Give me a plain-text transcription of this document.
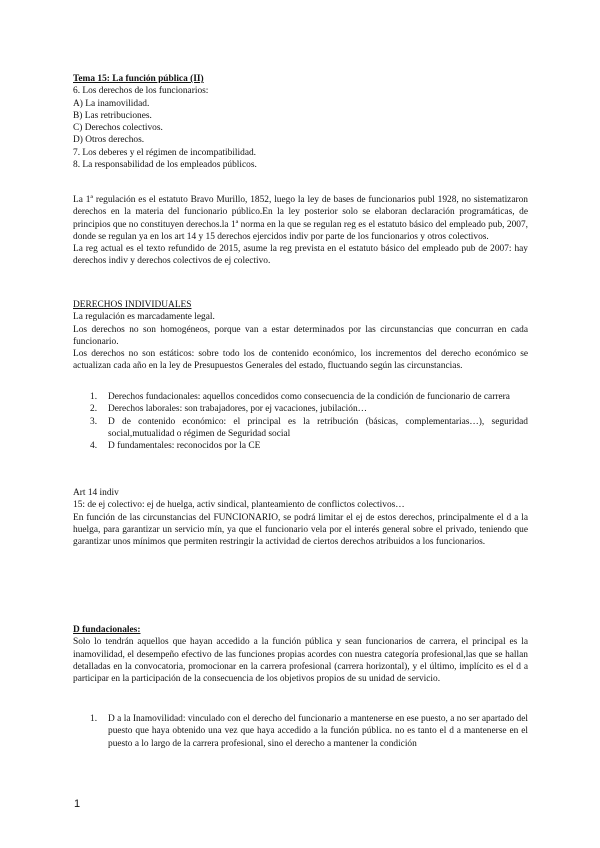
Tema 15: La función pública (II)
6. Los derechos de los funcionarios:
A) La inamovilidad.
B) Las retribuciones.
C) Derechos colectivos.
D) Otros derechos.
7. Los deberes y el régimen de incompatibilidad.
8. La responsabilidad de los empleados públicos.
La 1ª regulación es el estatuto Bravo Murillo, 1852, luego la ley de bases de funcionarios publ 1928, no sistematizaron derechos en la materia del funcionario público.En la ley posterior solo se elaboran declaración programáticas, de principios que no constituyen derechos.la 1ª norma en la que se regulan reg es el estatuto básico del empleado pub, 2007, donde se regulan ya en los art 14 y 15 derechos ejercidos indiv por parte de los funcionarios y otros colectivos.
La reg actual es el texto refundido de 2015, asume la reg prevista en el estatuto básico del empleado pub de 2007: hay derechos indiv y derechos colectivos de ej colectivo.
DERECHOS INDIVIDUALES
La regulación es marcadamente legal.
Los derechos no son homogéneos, porque van a estar determinados por las circunstancias que concurran en cada funcionario.
Los derechos no son estáticos: sobre todo los de contenido económico, los incrementos del derecho económico se actualizan cada año en la ley de Presupuestos Generales del estado, fluctuando según las circunstancias.
1. Derechos fundacionales: aquellos concedidos como consecuencia de la condición de funcionario de carrera
2. Derechos laborales: son trabajadores, por ej vacaciones, jubilación…
3. D de contenido económico: el principal es la retribución (básicas, complementarias…), seguridad social,mutualidad o régimen de Seguridad social
4. D fundamentales: reconocidos por la CE
Art 14 indiv
15: de ej colectivo: ej de huelga, activ sindical, planteamiento de conflictos colectivos…
En función de las circunstancias del FUNCIONARIO, se podrá limitar el ej de estos derechos, principalmente el d a la huelga, para garantizar un servicio mín, ya que el funcionario vela por el interés general sobre el privado, teniendo que garantizar unos mínimos que permiten restringir la actividad de ciertos derechos atribuidos a los funcionarios.
D fundacionales:
Solo lo tendrán aquellos que hayan accedido a la función pública y sean funcionarios de carrera, el principal es la inamovilidad, el desempeño efectivo de las funciones propias acordes con nuestra categoría profesional,las que se hallan detalladas en la convocatoria, promocionar en la carrera profesional (carrera horizontal), y el último, implícito es el d a participar en la participación de la consecuencia de los objetivos propios de su unidad de servicio.
1. D a la Inamovilidad: vinculado con el derecho del funcionario a mantenerse en ese puesto, a no ser apartado del puesto que haya obtenido una vez que haya accedido a la función pública. no es tanto el d a mantenerse en el puesto a lo largo de la carrera profesional, sino el derecho a mantener la condición
1
